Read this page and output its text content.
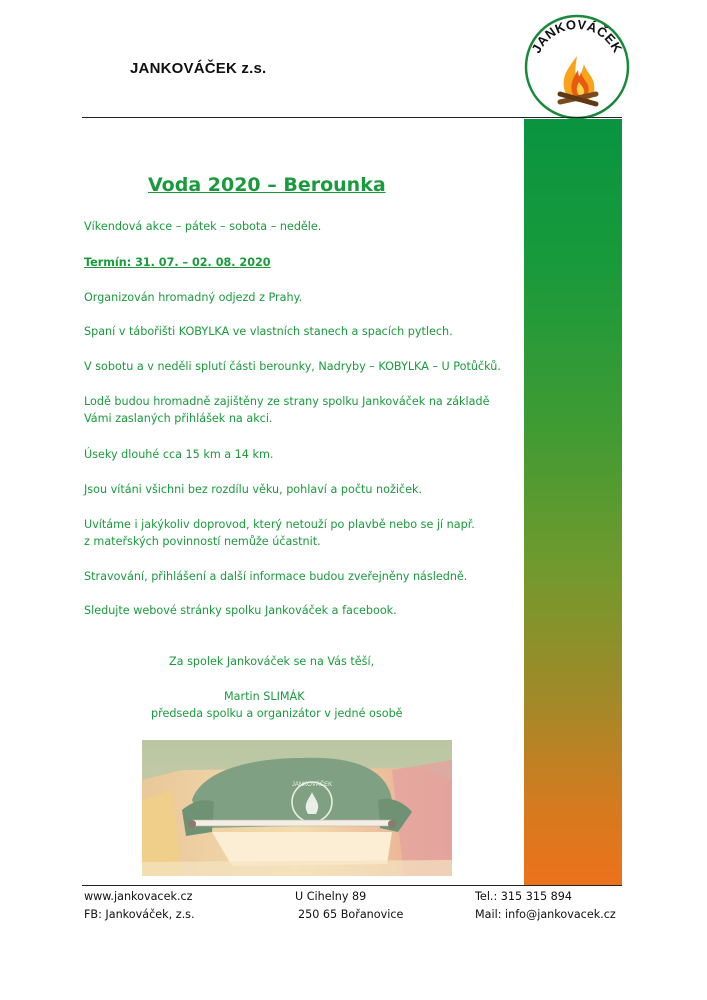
JANKOVÁČEK z.s.
JANKOVÁČEK
Voda 2020 – Berounka
Víkendová akce – pátek – sobota – neděle.
Termín: 31. 07. – 02. 08. 2020
Organizován hromadný odjezd z Prahy.
Spaní v tábořišti KOBYLKA ve vlastních stanech a spacích pytlech.
V sobotu a v neděli splutí části berounky, Nadryby – KOBYLKA – U Potůčků.
Lodě budou hromadně zajištěny ze strany spolku Jankováček na základě
Vámi zaslaných přihlášek na akci.
Úseky dlouhé cca 15 km a 14 km.
Jsou vítáni všichni bez rozdílu věku, pohlaví a počtu nožiček.
Uvítáme i jakýkoliv doprovod, který netouží po plavbě nebo se jí např.
z mateřských povinností nemůže účastnit.
Stravování, přihlášení a další informace budou zveřejněny následně.
Sledujte webové stránky spolku Jankováček a facebook.
Za spolek Jankováček se na Vás těší,
Martin SLIMÁK
předseda spolku a organizátor v jedné osobě
JANKOVÁČEK
www.jankovacek.cz
FB: Jankováček, z.s.
U Cihelny 89
250 65 Bořanovice
Tel.: 315 315 894
Mail: info@jankovacek.cz
